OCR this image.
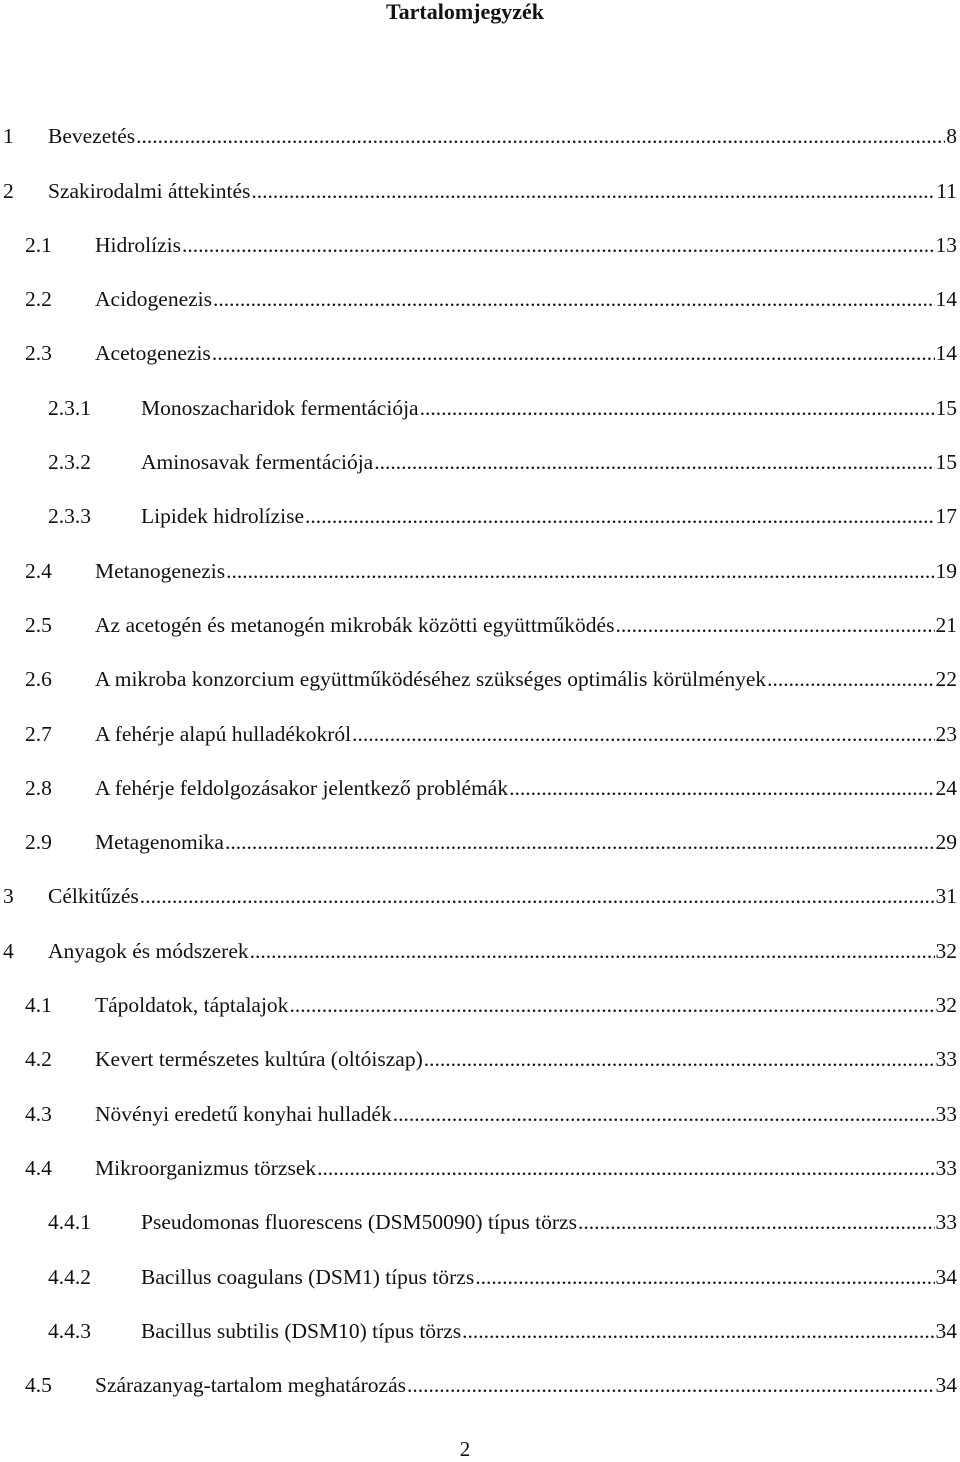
Tartalomjegyzék
1 Bevezetés .....	8
2 Szakirodalmi áttekintés .....	11
2.1 Hidrolízis .....	13
2.2 Acidogenezis .....	14
2.3 Acetogenezis .....	14
2.3.1 Monoszacharidok fermentációja .....	15
2.3.2 Aminosavak fermentációja .....	15
2.3.3 Lipidek hidrolízise .....	17
2.4 Metanogenezis .....	19
2.5 Az acetogén és metanogén mikrobák közötti együttműködés .....	21
2.6 A mikroba konzorcium együttműködéséhez szükséges optimális körülmények .....	22
2.7 A fehérje alapú hulladékokról .....	23
2.8 A fehérje feldolgozásakor jelentkező problémák .....	24
2.9 Metagenomika .....	29
3 Célkitűzés .....	31
4 Anyagok és módszerek .....	32
4.1 Tápoldatok, táptalajok .....	32
4.2 Kevert természetes kultúra (oltóiszap) .....	33
4.3 Növényi eredetű konyhai hulladék .....	33
4.4 Mikroorganizmus törzsek .....	33
4.4.1 Pseudomonas fluorescens (DSM50090) típus törzs .....	33
4.4.2 Bacillus coagulans (DSM1) típus törzs .....	34
4.4.3 Bacillus subtilis (DSM10) típus törzs .....	34
4.5 Szárazanyag-tartalom meghatározás .....	34
2
